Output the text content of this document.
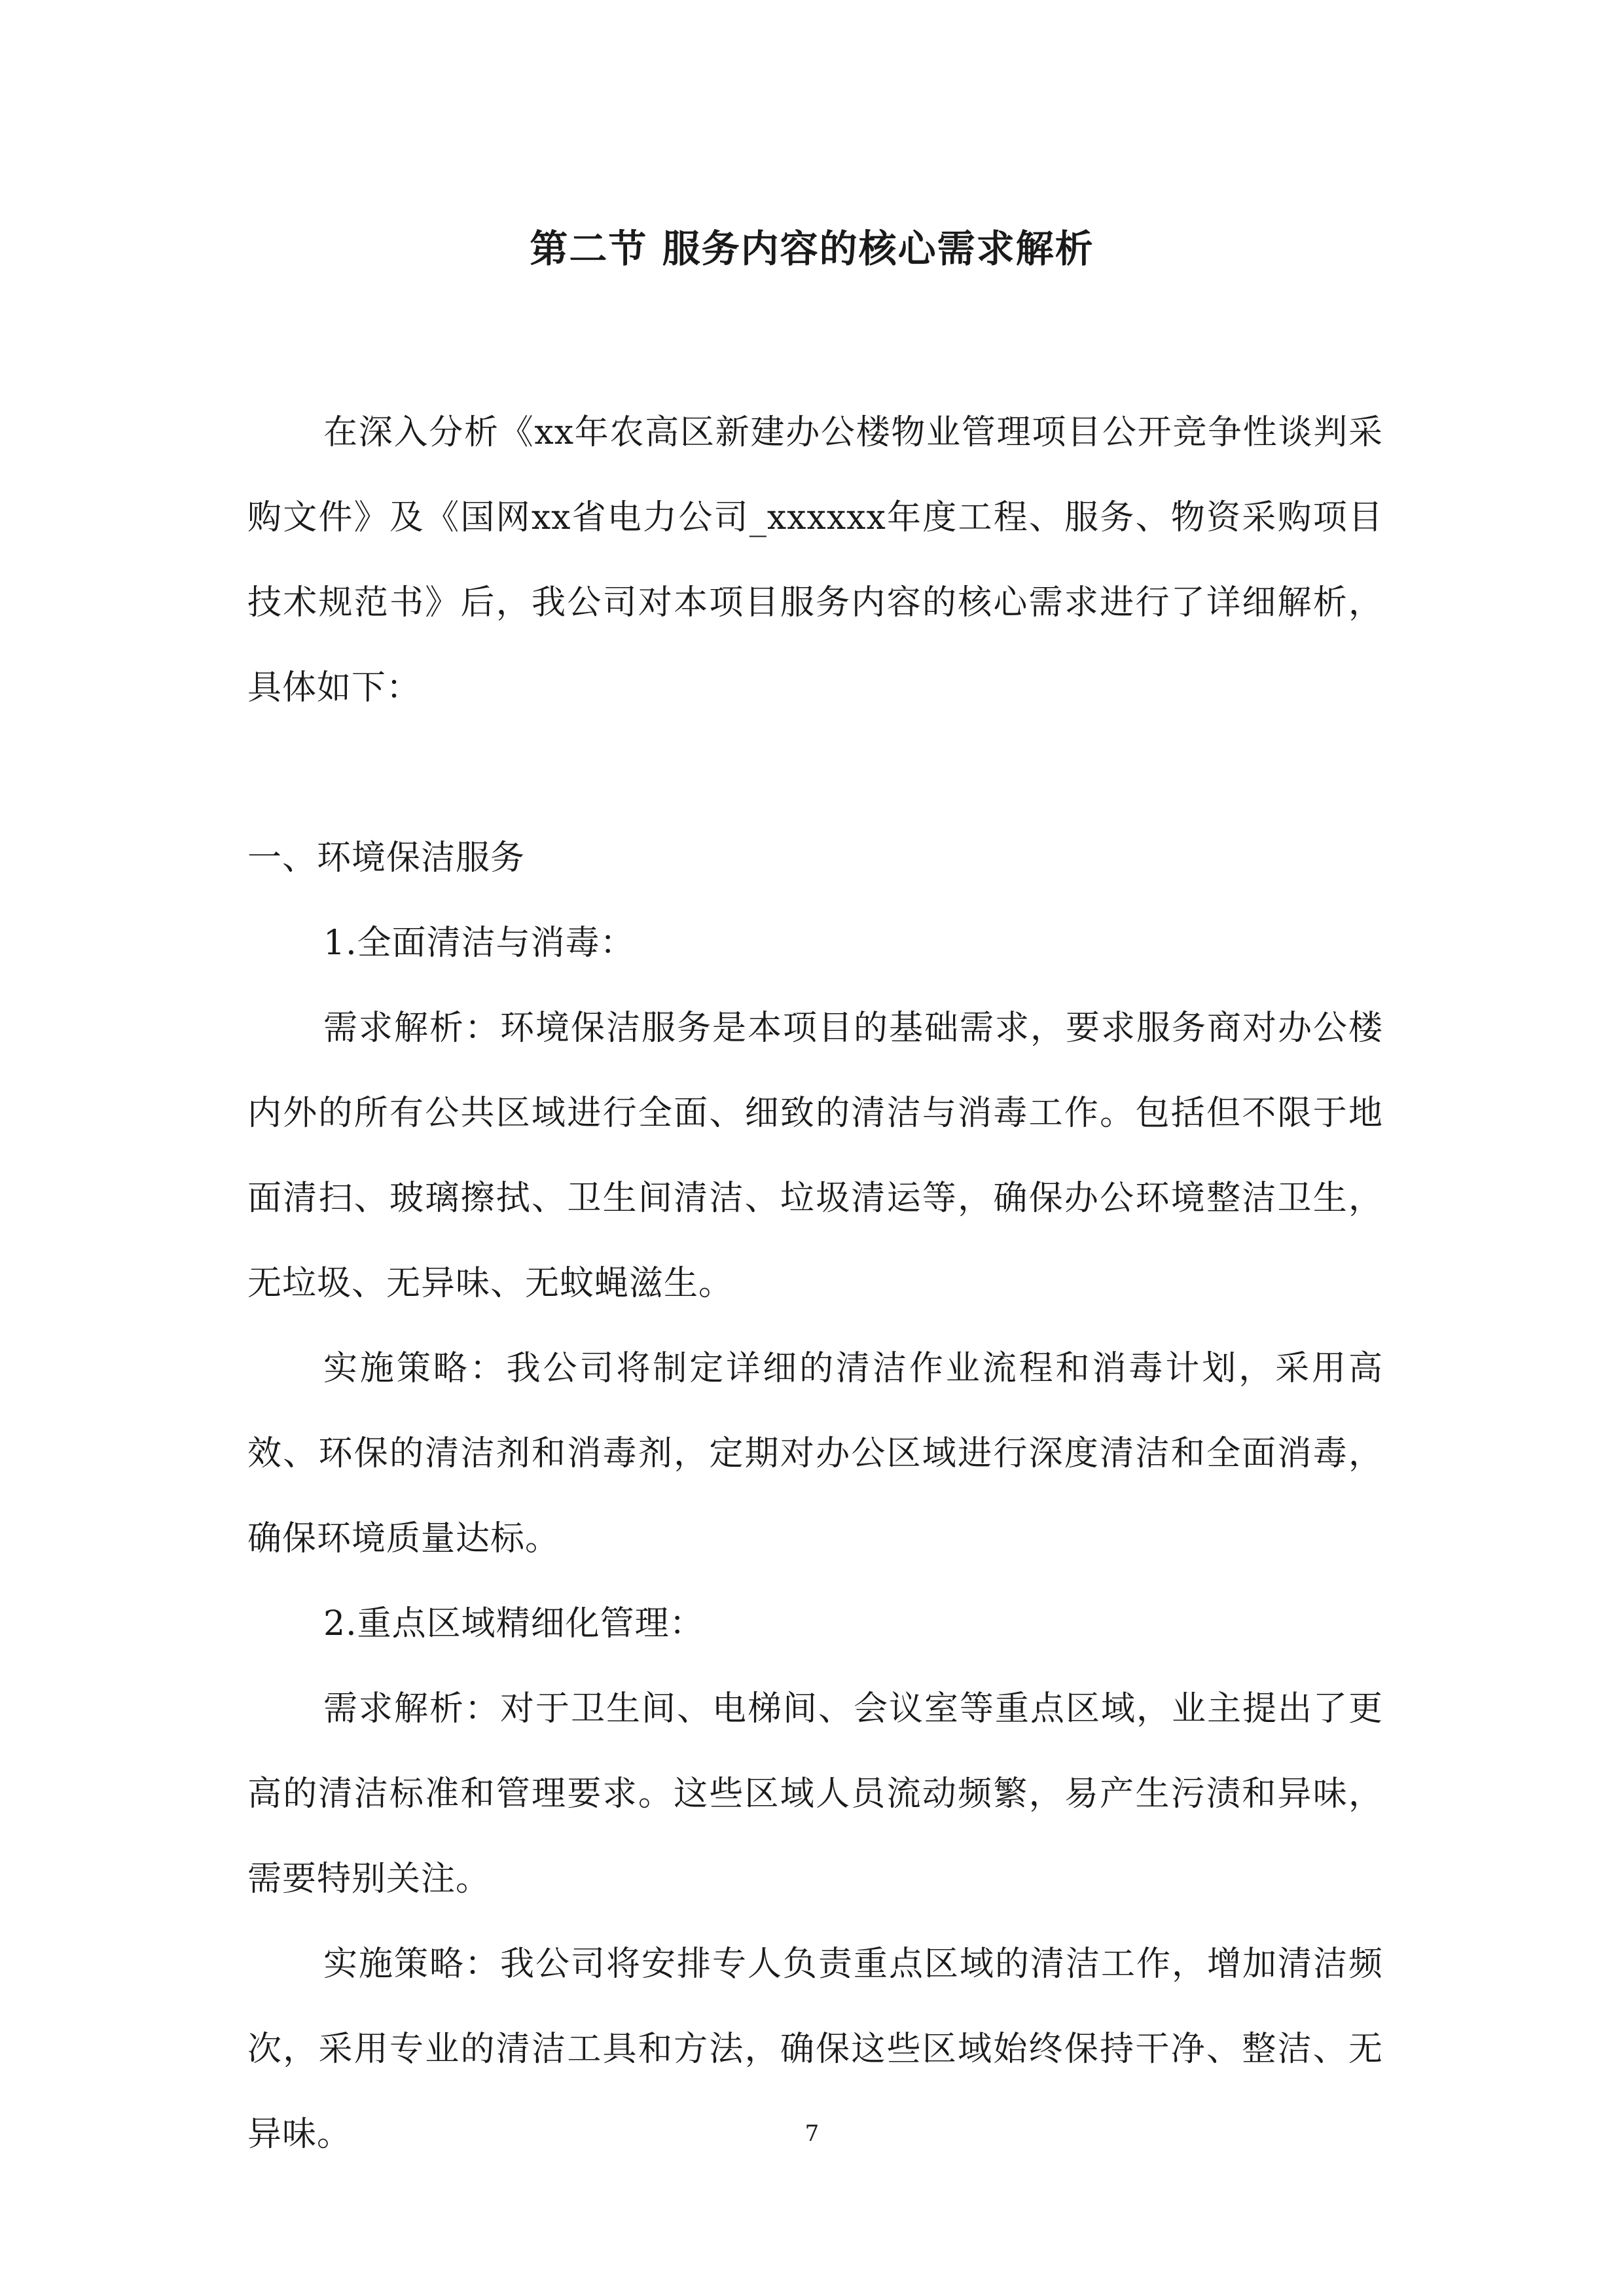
第二节 服务内容的核心需求解析

在深入分析《xx年农高区新建办公楼物业管理项目公开竞争性谈判采购文件》及《国网xx省电力公司_xxxxxx年度工程、服务、物资采购项目技术规范书》后，我公司对本项目服务内容的核心需求进行了详细解析，具体如下：

一、环境保洁服务

1.全面清洁与消毒：

需求解析：环境保洁服务是本项目的基础需求，要求服务商对办公楼内外的所有公共区域进行全面、细致的清洁与消毒工作。包括但不限于地面清扫、玻璃擦拭、卫生间清洁、垃圾清运等，确保办公环境整洁卫生，无垃圾、无异味、无蚊蝇滋生。

实施策略：我公司将制定详细的清洁作业流程和消毒计划，采用高效、环保的清洁剂和消毒剂，定期对办公区域进行深度清洁和全面消毒，确保环境质量达标。

2.重点区域精细化管理：

需求解析：对于卫生间、电梯间、会议室等重点区域，业主提出了更高的清洁标准和管理要求。这些区域人员流动频繁，易产生污渍和异味，需要特别关注。

实施策略：我公司将安排专人负责重点区域的清洁工作，增加清洁频次，采用专业的清洁工具和方法，确保这些区域始终保持干净、整洁、无异味。	7
